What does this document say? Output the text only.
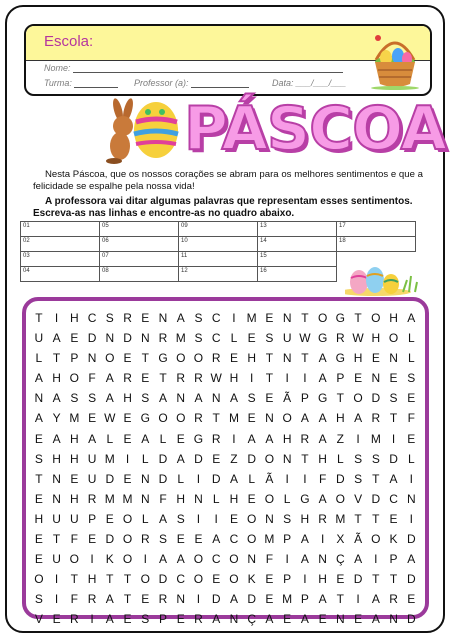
Escola:
Nome:
Turma:	Professor (a):	Data: ___/___/___
PÁSCOA
Nesta Páscoa, que os nossos corações se abram para os melhores sentimentos e que a felicidade se espalhe pela nossa vida!
A professora vai ditar algumas palavras que representam esses sentimentos. Escreva-as nas linhas e encontre-as no quadro abaixo.
01	05	09	13	17
02	06	10	14	18
03	07	11	15	
04	08	12	16	
T	I H C S R E N A S C I M E N T O G T O H A
U A E D N D N R M S C L E S U W G R W H O L
L T P N O E T G O O R E H T N T A G H E N L
A H O F A R E T R R W H I	T	I	I	A P E N E S
N A S S A H S A N A N A S E Ã P G T O D S E
A Y M E W E G O O R T M E N O A A H A R T F
E A H A L E A L E G R I	A A H R A Z	I M I	E
S H H U M I	L D A D E Z D O N T H L S S D L
T N E U D E N D L	I D A L Ã	I	I	F D S T A	I
E N H R M M N F H N L H E O L G A O V D C N
H U U P E O L A S	I	I	E O N S H R M T T E	I
E T F E D O R S E E A C O M P A	I	X Ã O K D
E U O I	K O I	A A O C O N F	I	A N Ç A	I	P A
O I	T H T T O D C O E O K E P	I H E D T T D
S	I	F R A T E R N I D A D E M P A T	I	A R E
V E R I	A E S P E R A N Ç A E A E N E A N D
